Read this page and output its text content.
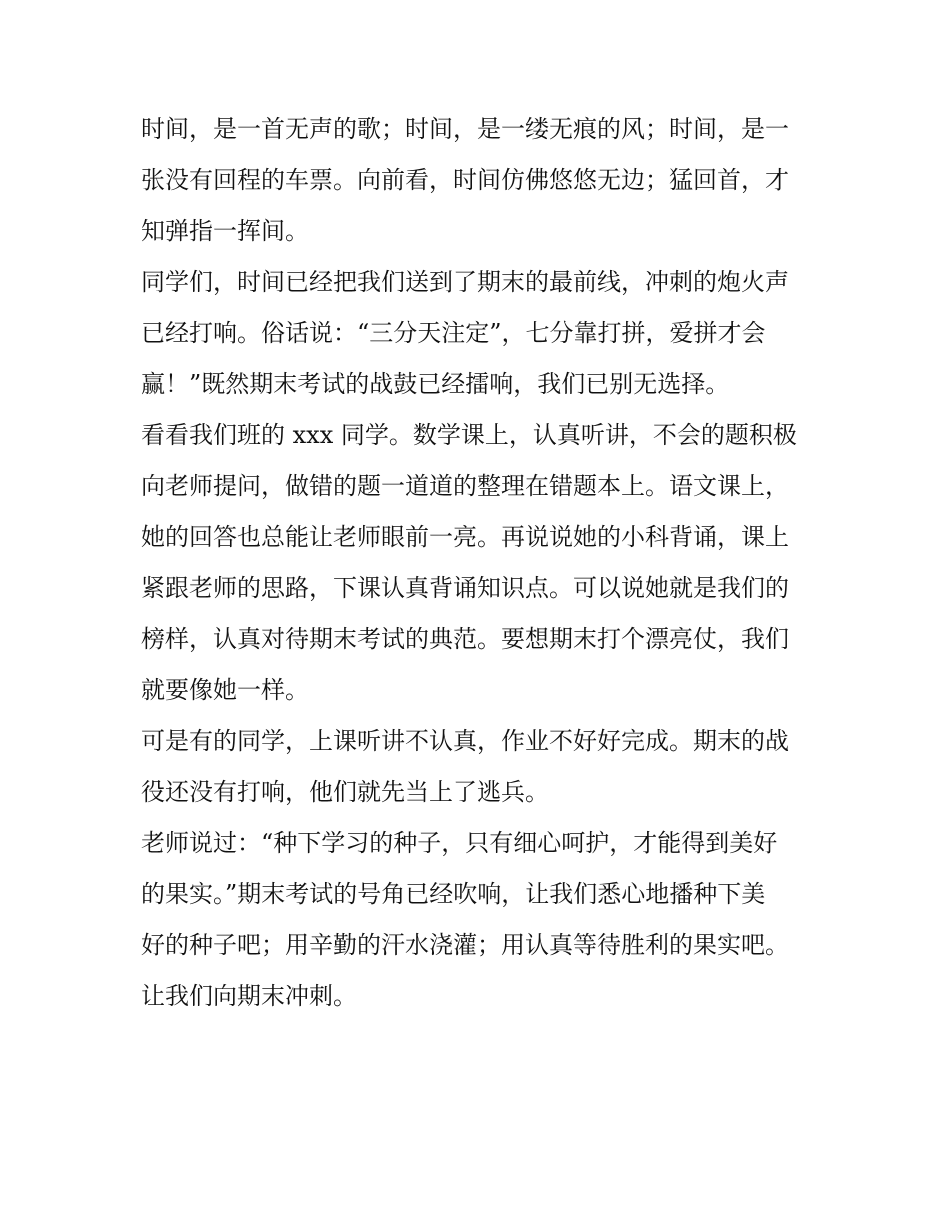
时间，是一首无声的歌；时间，是一缕无痕的风；时间，是一
张没有回程的车票。向前看，时间仿佛悠悠无边；猛回首，才
知弹指一挥间。

同学们，时间已经把我们送到了期末的最前线，冲刺的炮火声
已经打响。俗话说：“三分天注定”，七分靠打拼，爱拼才会
赢！”既然期末考试的战鼓已经擂响，我们已别无选择。

看看我们班的 xxx 同学。数学课上，认真听讲，不会的题积极
向老师提问，做错的题一道道的整理在错题本上。语文课上，
她的回答也总能让老师眼前一亮。再说说她的小科背诵，课上
紧跟老师的思路，下课认真背诵知识点。可以说她就是我们的
榜样，认真对待期末考试的典范。要想期末打个漂亮仗，我们
就要像她一样。

可是有的同学，上课听讲不认真，作业不好好完成。期末的战
役还没有打响，他们就先当上了逃兵。

老师说过：“种下学习的种子，只有细心呵护，才能得到美好
的果实。”期末考试的号角已经吹响，让我们悉心地播种下美
好的种子吧；用辛勤的汗水浇灌；用认真等待胜利的果实吧。
让我们向期末冲刺。
